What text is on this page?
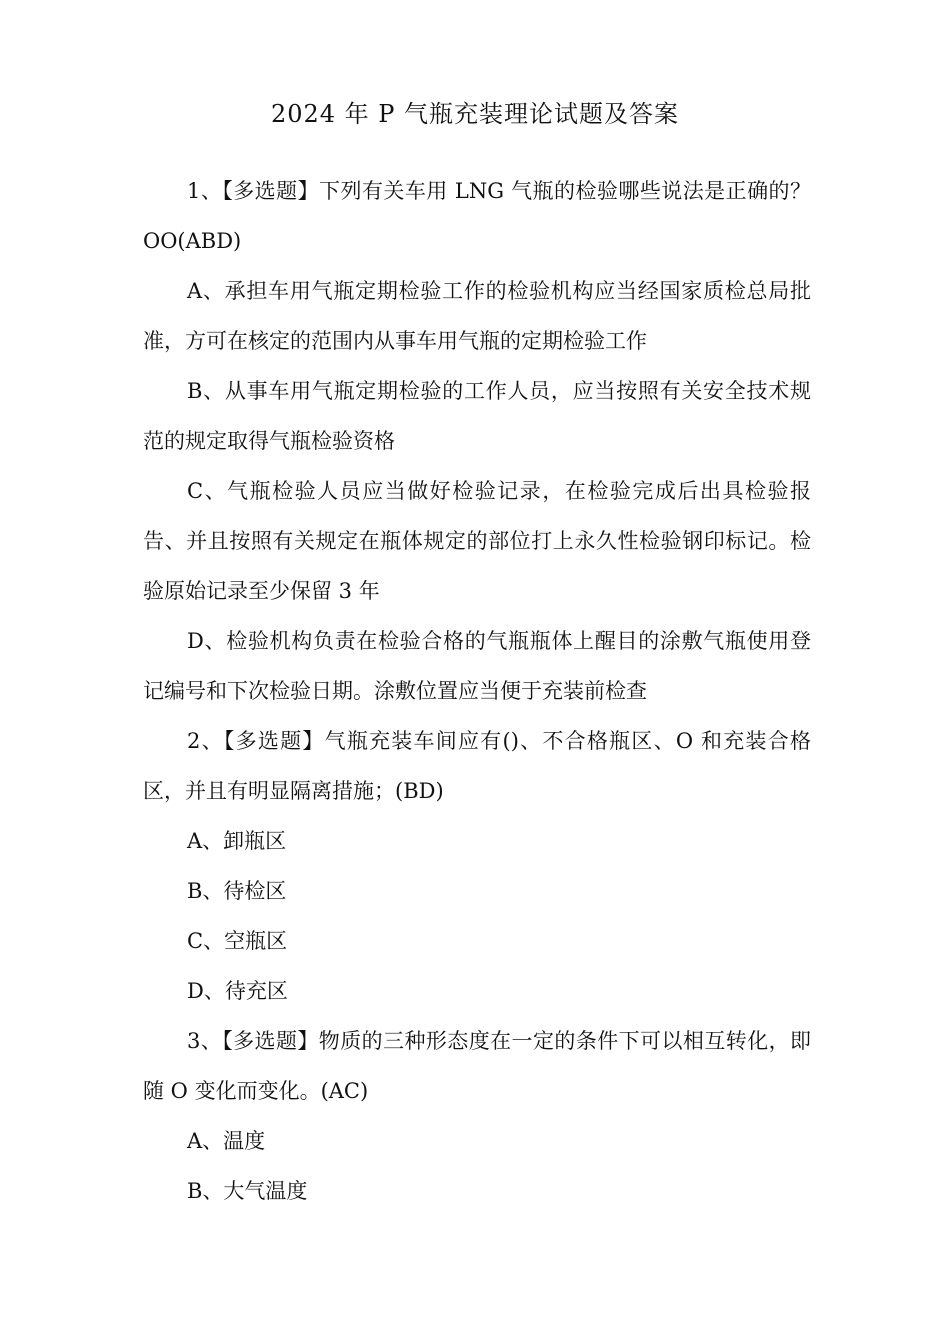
2024 年 P 气瓶充装理论试题及答案

1、【多选题】下列有关车用 LNG 气瓶的检验哪些说法是正确的？OO(ABD)

A、承担车用气瓶定期检验工作的检验机构应当经国家质检总局批准，方可在核定的范围内从事车用气瓶的定期检验工作

B、从事车用气瓶定期检验的工作人员，应当按照有关安全技术规范的规定取得气瓶检验资格

C、气瓶检验人员应当做好检验记录，在检验完成后出具检验报告、并且按照有关规定在瓶体规定的部位打上永久性检验钢印标记。检验原始记录至少保留 3 年

D、检验机构负责在检验合格的气瓶瓶体上醒目的涂敷气瓶使用登记编号和下次检验日期。涂敷位置应当便于充装前检查

2、【多选题】气瓶充装车间应有()、不合格瓶区、O 和充装合格区，并且有明显隔离措施；(BD)

A、卸瓶区

B、待检区

C、空瓶区

D、待充区

3、【多选题】物质的三种形态度在一定的条件下可以相互转化，即随 O 变化而变化。(AC)

A、温度

B、大气温度
